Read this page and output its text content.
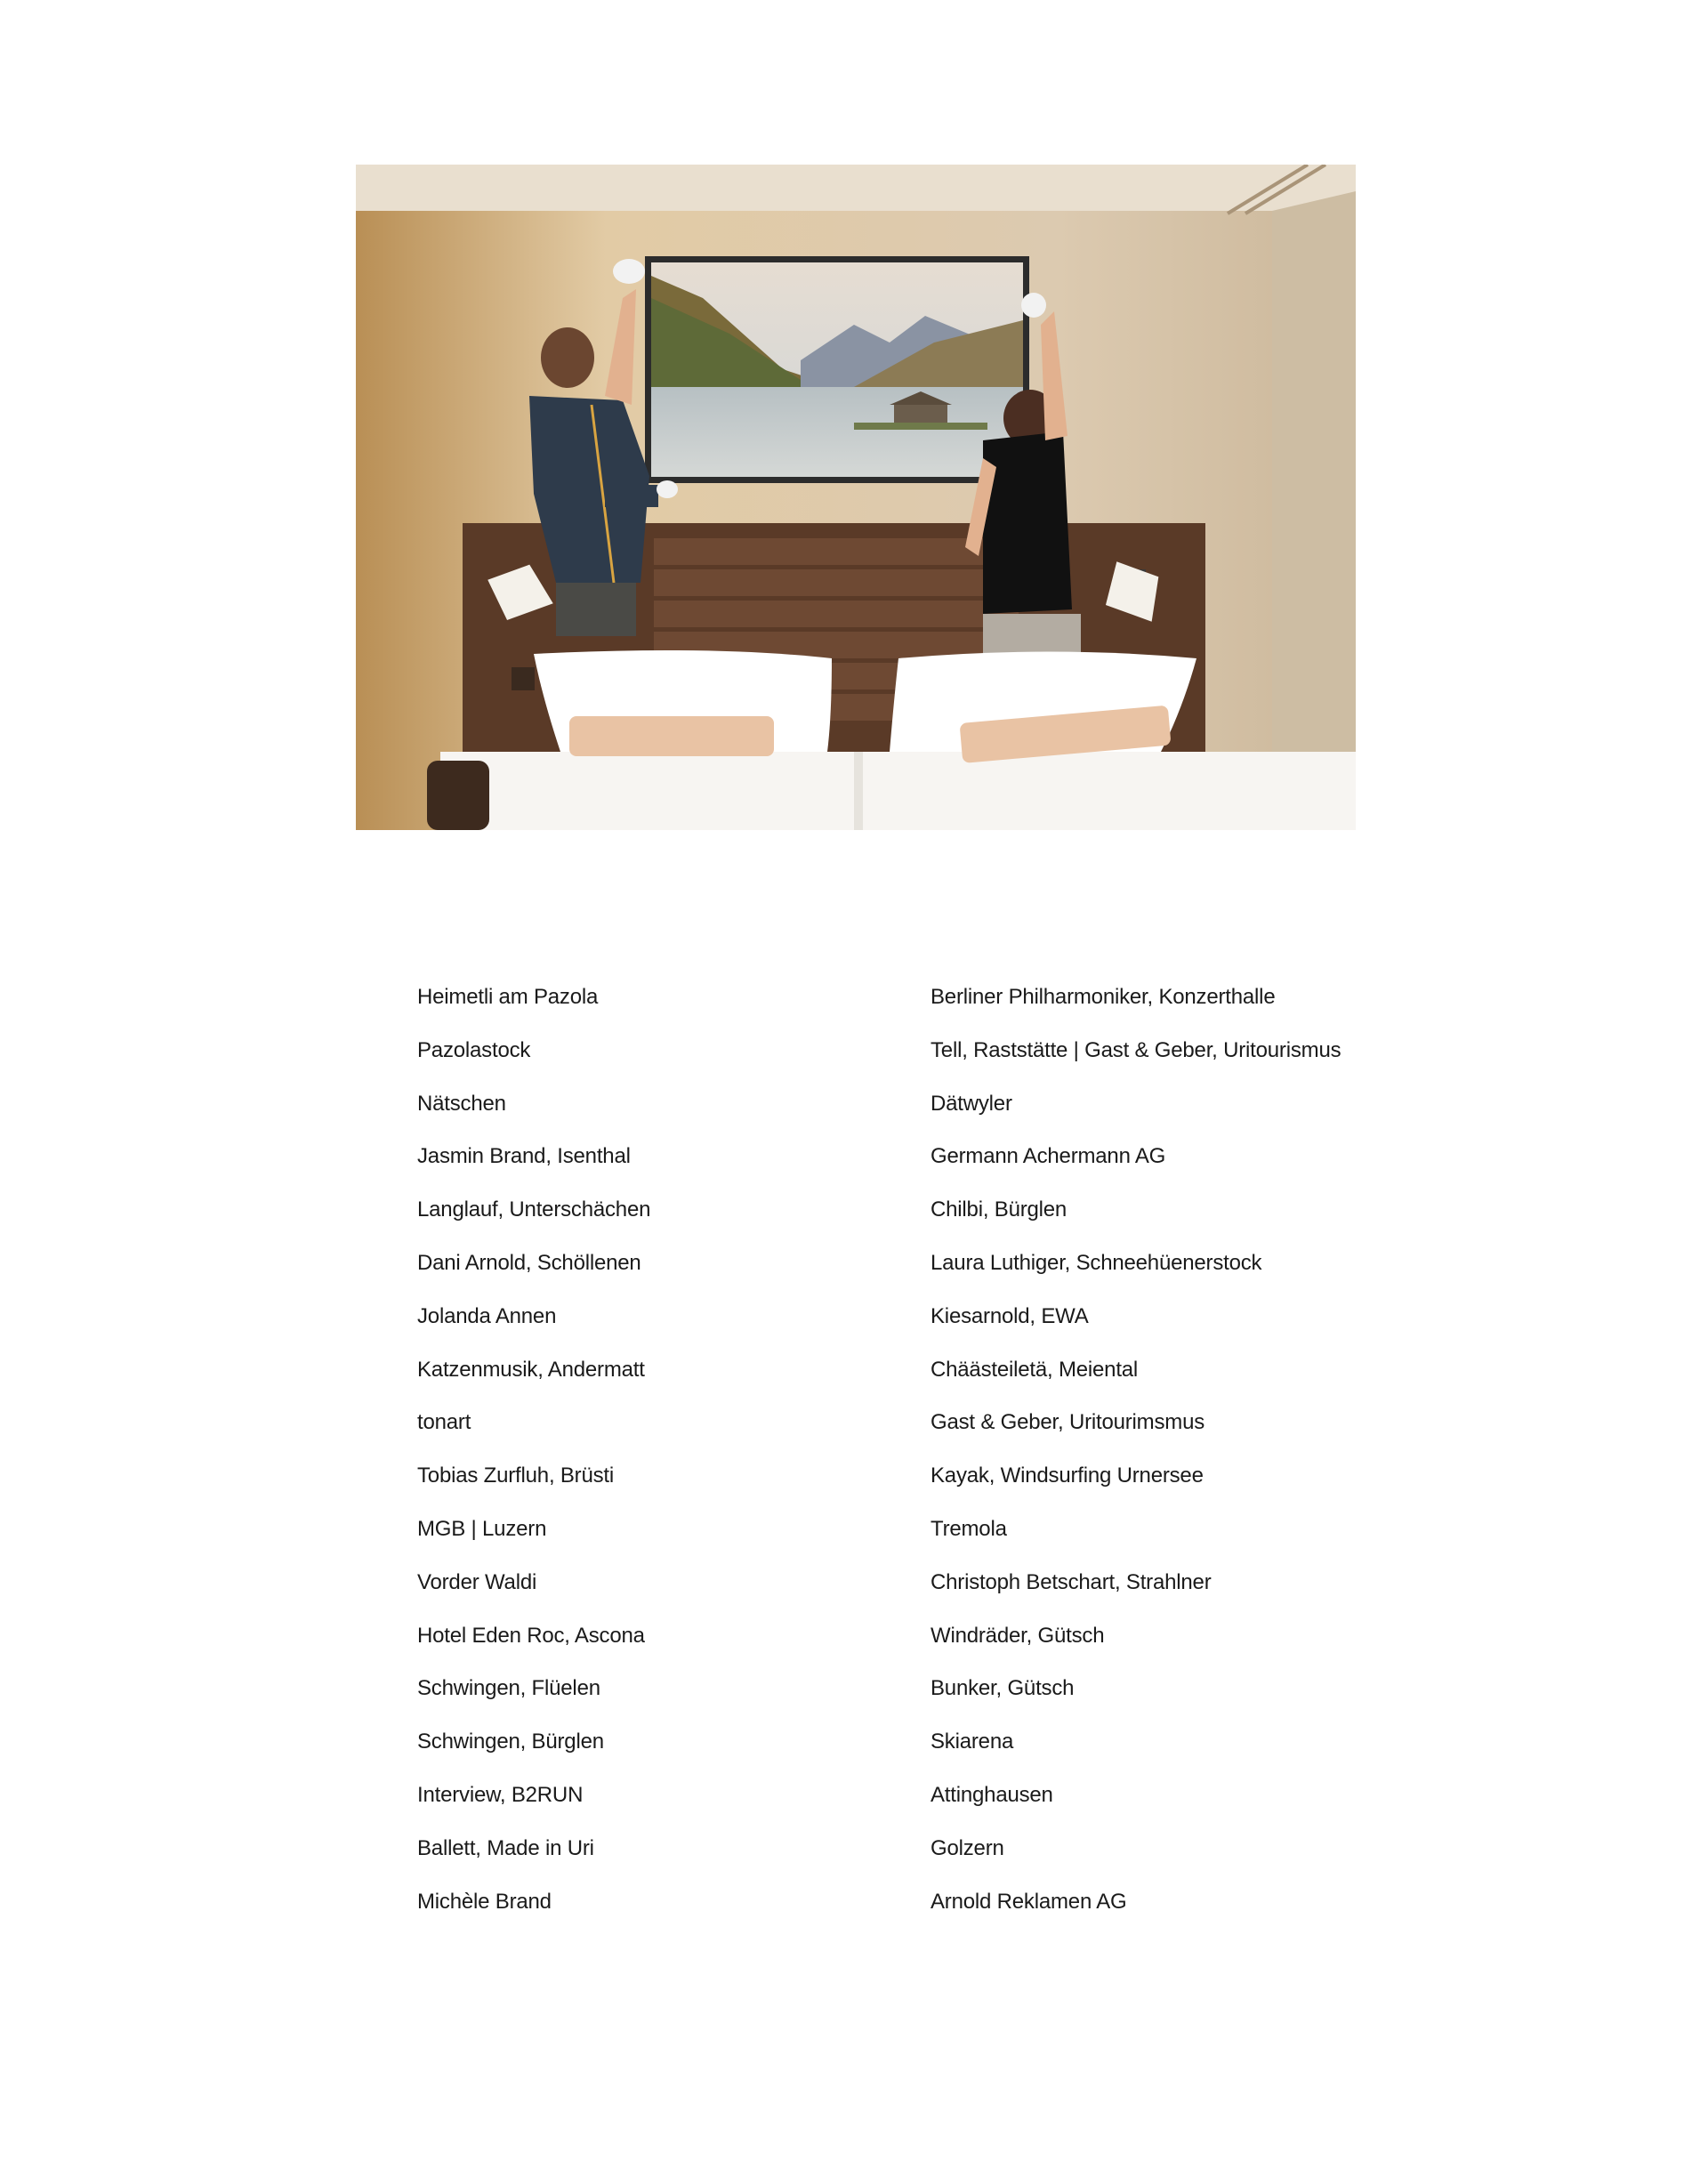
Heimetli am Pazola
Pazolastock
Nätschen
Jasmin Brand, Isenthal
Langlauf, Unterschächen
Dani Arnold, Schöllenen
Jolanda Annen
Katzenmusik, Andermatt
tonart
Tobias Zurfluh, Brüsti
MGB | Luzern
Vorder Waldi
Hotel Eden Roc, Ascona
Schwingen, Flüelen
Schwingen, Bürglen
Interview, B2RUN
Ballett, Made in Uri
Michèle Brand
Berliner Philharmoniker, Konzerthalle
Tell, Raststätte | Gast & Geber, Uritourismus
Dätwyler
Germann Achermann AG
Chilbi, Bürglen
Laura Luthiger, Schneehüenerstock
Kiesarnold, EWA
Chäästeiletä, Meiental
Gast & Geber, Uritourimsmus
Kayak, Windsurfing Urnersee
Tremola
Christoph Betschart, Strahlner
Windräder, Gütsch
Bunker, Gütsch
Skiarena
Attinghausen
Golzern
Arnold Reklamen AG
